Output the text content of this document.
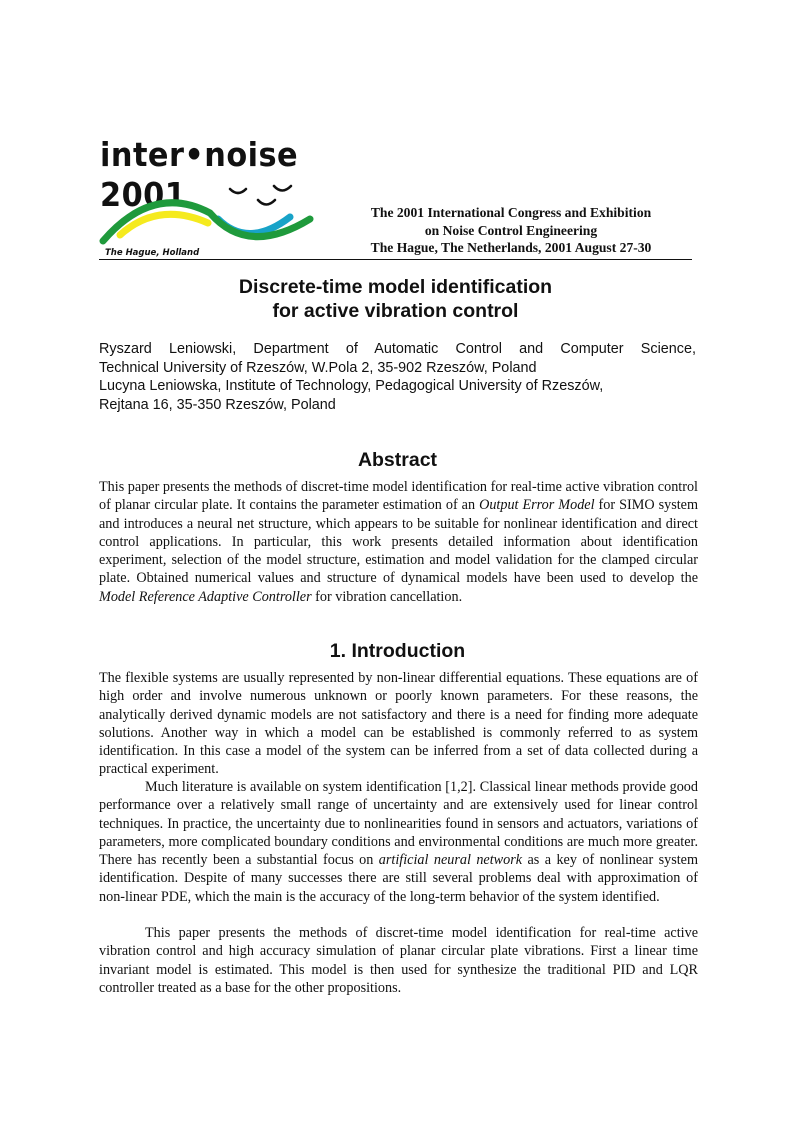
inter•noise 2001
The Hague, Holland
The 2001 International Congress and Exhibition
on Noise Control Engineering
The Hague, The Netherlands, 2001 August 27-30
Discrete-time model identification
for active vibration control
Ryszard Leniowski, Department of Automatic Control and Computer Science,
Technical University of Rzeszów, W.Pola 2, 35-902 Rzeszów, Poland
Lucyna Leniowska, Institute of Technology, Pedagogical University of Rzeszów,
Rejtana 16, 35-350 Rzeszów, Poland
Abstract
This paper presents the methods of discret-time model identification for real-time active vibration control of planar circular plate. It contains the parameter estimation of an Output Error Model for SIMO system and introduces a neural net structure, which appears to be suitable for nonlinear identification and direct control applications. In particular, this work presents detailed information about identification experiment, selection of the model structure, estimation and model validation for the clamped circular plate. Obtained numerical values and structure of dynamical models have been used to develop the Model Reference Adaptive Controller for vibration cancellation.
1. Introduction
The flexible systems are usually represented by non-linear differential equations. These equations are of high order and involve numerous unknown or poorly known parameters. For these reasons, the analytically derived dynamic models are not satisfactory and there is a need for finding more adequate solutions. Another way in which a model can be established is commonly referred to as system identification. In this case a model of the system can be inferred from a set of data collected during a practical experiment.
Much literature is available on system identification [1,2]. Classical linear methods provide good performance over a relatively small range of uncertainty and are extensively used for linear control techniques. In practice, the uncertainty due to nonlinearities found in sensors and actuators, variations of parameters, more complicated boundary conditions and environmental conditions are much more greater. There has recently been a substantial focus on artificial neural network as a key of nonlinear system identification. Despite of many successes there are still several problems deal with approximation of non-linear PDE, which the main is the accuracy of the long-term behavior of the system identified.
This paper presents the methods of discret-time model identification for real-time active vibration control and high accuracy simulation of planar circular plate vibrations. First a linear time invariant model is estimated. This model is then used for synthesize the traditional PID and LQR controller treated as a base for the other propositions.
